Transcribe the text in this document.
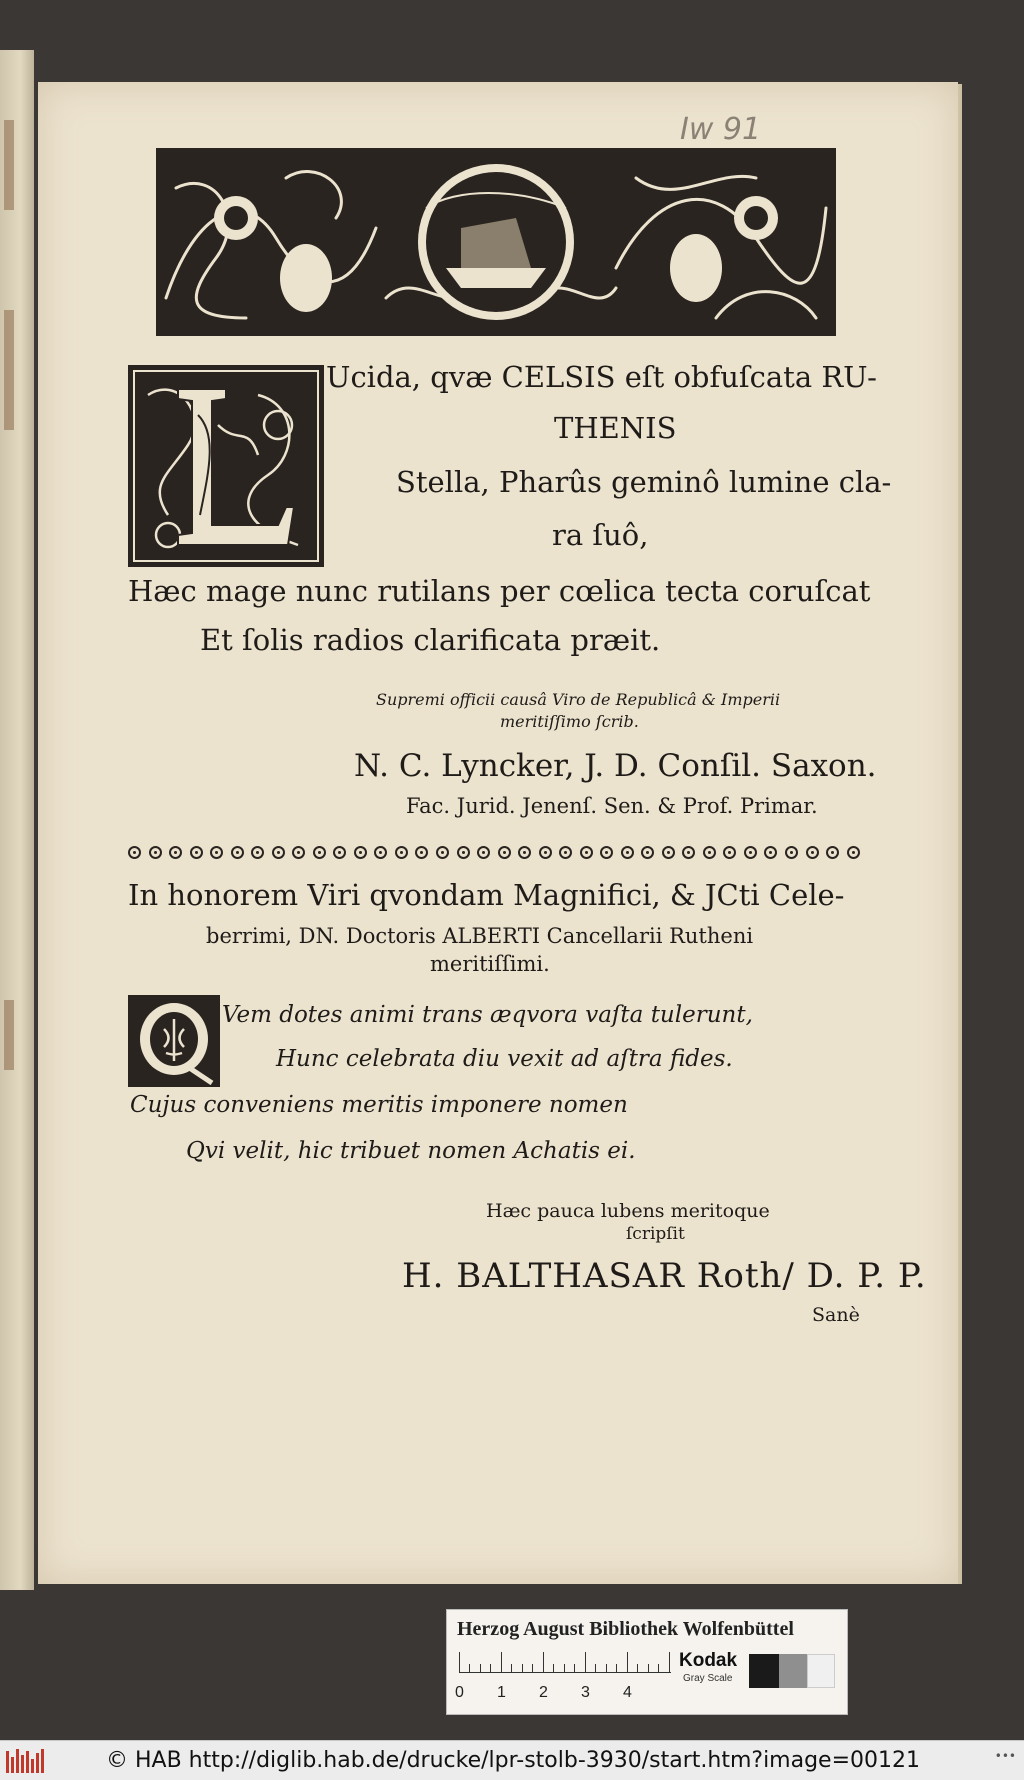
Iw 91
Ucida, qvæ CELSIS eſt obfuſcata RU-
THENIS
Stella, Pharûs geminô lumine cla-
ra ſuô,
Hæc mage nunc rutilans per cœlica tecta coruſcat
Et ſolis radios clarificata præit.
Supremi officii causâ Viro de Republicâ & Imperii
meritiſſimo ſcrib.
N. C. Lyncker, J. D. Conſil. Saxon.
Fac. Jurid. Jenenſ. Sen. & Prof. Primar.
In honorem Viri qvondam Magnifici, & JCti Cele-
berrimi, DN. Doctoris ALBERTI Cancellarii Rutheni
meritiſſimi.
Vem dotes animi trans æqvora vaſta tulerunt,
Hunc celebrata diu vexit ad aſtra fides.
Cujus conveniens meritis imponere nomen
Qvi velit, hic tribuet nomen Achatis ei.
Hæc pauca lubens meritoque
ſcripſit
H. BALTHASAR Roth/ D. P. P.
Sanè
Herzog August Bibliothek Wolfenbüttel
0 1 2 3 4
Kodak
Gray Scale
© HAB http://diglib.hab.de/drucke/lpr-stolb-3930/start.htm?image=00121	•••
